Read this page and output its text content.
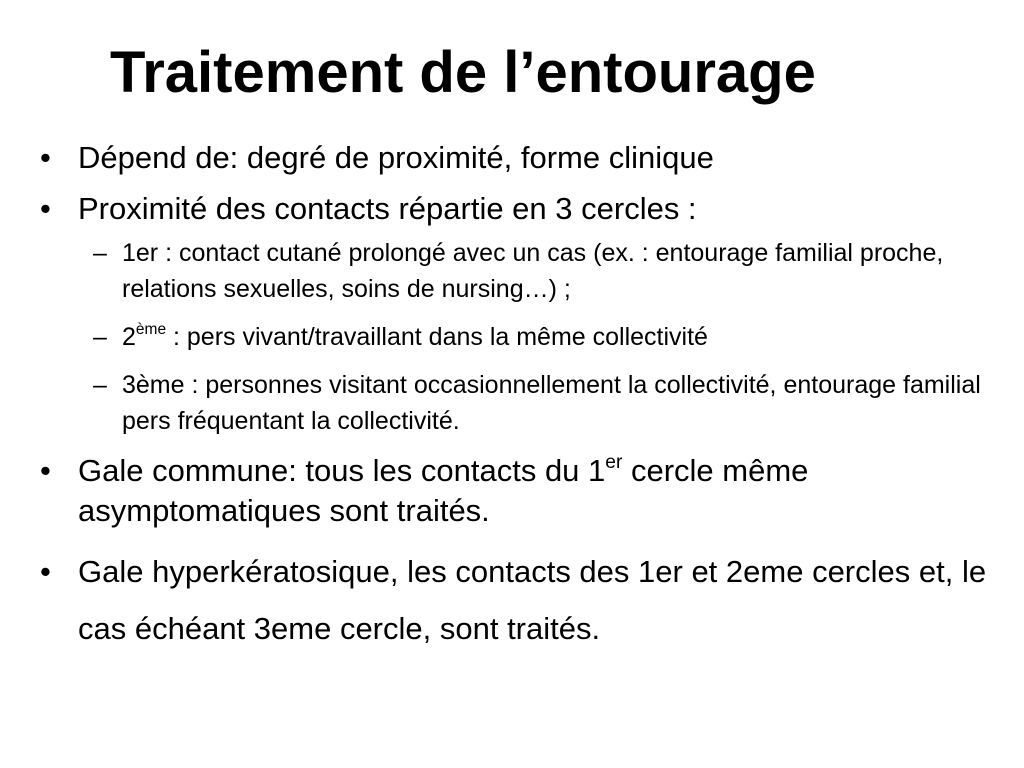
Traitement de l’entourage
• Dépend de: degré de proximité, forme clinique
• Proximité des contacts répartie en 3 cercles :
– 1er : contact cutané prolongé avec un cas (ex. : entourage familial proche, relations sexuelles, soins de nursing…) ;
– 2ème : pers vivant/travaillant dans la même collectivité
– 3ème : personnes visitant occasionnellement la collectivité, entourage familial pers fréquentant la collectivité.
• Gale commune: tous les contacts du 1er cercle même asymptomatiques sont traités.
• Gale hyperkératosique, les contacts des 1er et 2eme cercles et, le cas échéant 3eme cercle, sont traités.
